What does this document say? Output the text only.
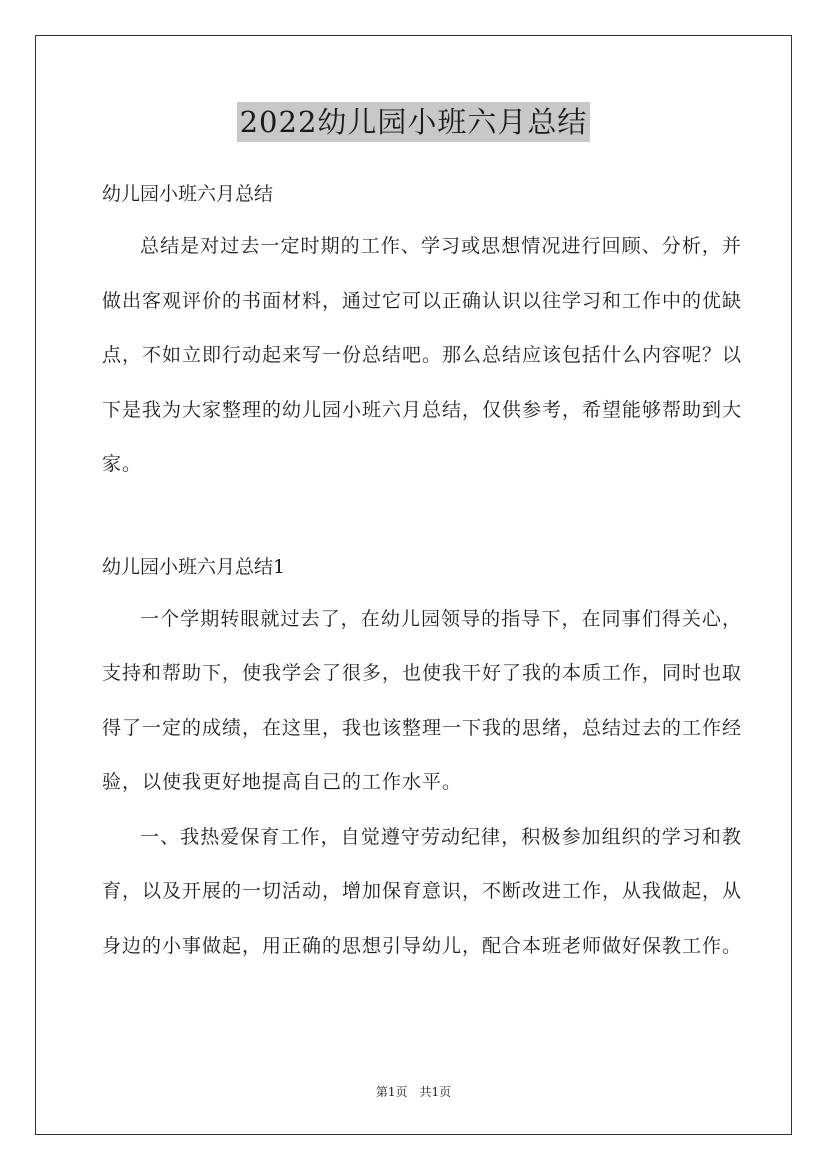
2022幼儿园小班六月总结

幼儿园小班六月总结

总结是对过去一定时期的工作、学习或思想情况进行回顾、分析，并做出客观评价的书面材料，通过它可以正确认识以往学习和工作中的优缺点，不如立即行动起来写一份总结吧。那么总结应该包括什么内容呢？以下是我为大家整理的幼儿园小班六月总结，仅供参考，希望能够帮助到大家。

幼儿园小班六月总结1

一个学期转眼就过去了，在幼儿园领导的指导下，在同事们得关心，支持和帮助下，使我学会了很多，也使我干好了我的本质工作，同时也取得了一定的成绩，在这里，我也该整理一下我的思绪，总结过去的工作经验，以使我更好地提高自己的工作水平。

一、我热爱保育工作，自觉遵守劳动纪律，积极参加组织的学习和教育，以及开展的一切活动，增加保育意识，不断改进工作，从我做起，从身边的小事做起，用正确的思想引导幼儿，配合本班老师做好保教工作。

第1页　共1页
